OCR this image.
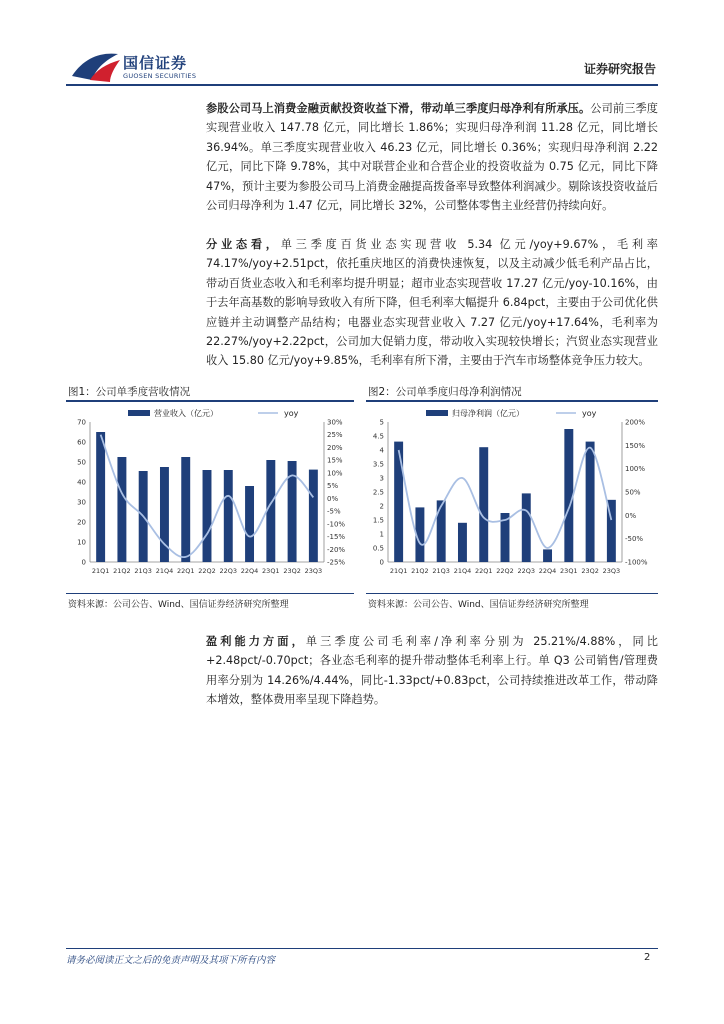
国信证券
GUOSEN SECURITIES	证券研究报告

参股公司马上消费金融贡献投资收益下滑，带动单三季度归母净利有所承压。公司前三季度实现营业收入 147.78 亿元，同比增长 1.86%；实现归母净利润 11.28 亿元，同比增长 36.94%。单三季度实现营业收入 46.23 亿元，同比增长 0.36%；实现归母净利润 2.22 亿元，同比下降 9.78%，其中对联营企业和合营企业的投资收益为 0.75 亿元，同比下降 47%，预计主要为参股公司马上消费金融提高拨备率导致整体利润减少。剔除该投资收益后公司归母净利为 1.47 亿元，同比增长 32%，公司整体零售主业经营仍持续向好。

分业态看，单三季度百货业态实现营收 5.34 亿元/yoy+9.67%，毛利率 74.17%/yoy+2.51pct，依托重庆地区的消费快速恢复，以及主动减少低毛利产品占比，带动百货业态收入和毛利率均提升明显；超市业态实现营收 17.27 亿元/yoy-10.16%，由于去年高基数的影响导致收入有所下降，但毛利率大幅提升 6.84pct，主要由于公司优化供应链并主动调整产品结构；电器业态实现营业收入 7.27 亿元/yoy+17.64%，毛利率为 22.27%/yoy+2.22pct，公司加大促销力度，带动收入实现较快增长；汽贸业态实现营业收入 15.80 亿元/yoy+9.85%，毛利率有所下滑，主要由于汽车市场整体竞争压力较大。

图1：公司单季度营收情况
营业收入（亿元）	yoy
0
10
20
30
40
50
60
70
-25%
-20%
-15%
-10%
-5%
0%
5%
10%
15%
20%
25%
30%
21Q1 21Q2 21Q3 21Q4 22Q1 22Q2 22Q3 22Q4 23Q1 23Q2 23Q3
资料来源：公司公告、Wind、国信证券经济研究所整理
图2：公司单季度归母净利润情况
归母净利润（亿元）	yoy
0
0.5
1
1.5
2
2.5
3
3.5
4
4.5
5
-100%
-50%
0%
50%
100%
150%
200%
21Q1 21Q2 21Q3 21Q4 22Q1 22Q2 22Q3 22Q4 23Q1 23Q2 23Q3
资料来源：公司公告、Wind、国信证券经济研究所整理

盈利能力方面，单三季度公司毛利率/净利率分别为 25.21%/4.88%，同比+2.48pct/-0.70pct；各业态毛利率的提升带动整体毛利率上行。单 Q3 公司销售/管理费用率分别为 14.26%/4.44%，同比-1.33pct/+0.83pct，公司持续推进改革工作，带动降本增效，整体费用率呈现下降趋势。

请务必阅读正文之后的免责声明及其项下所有内容	2
